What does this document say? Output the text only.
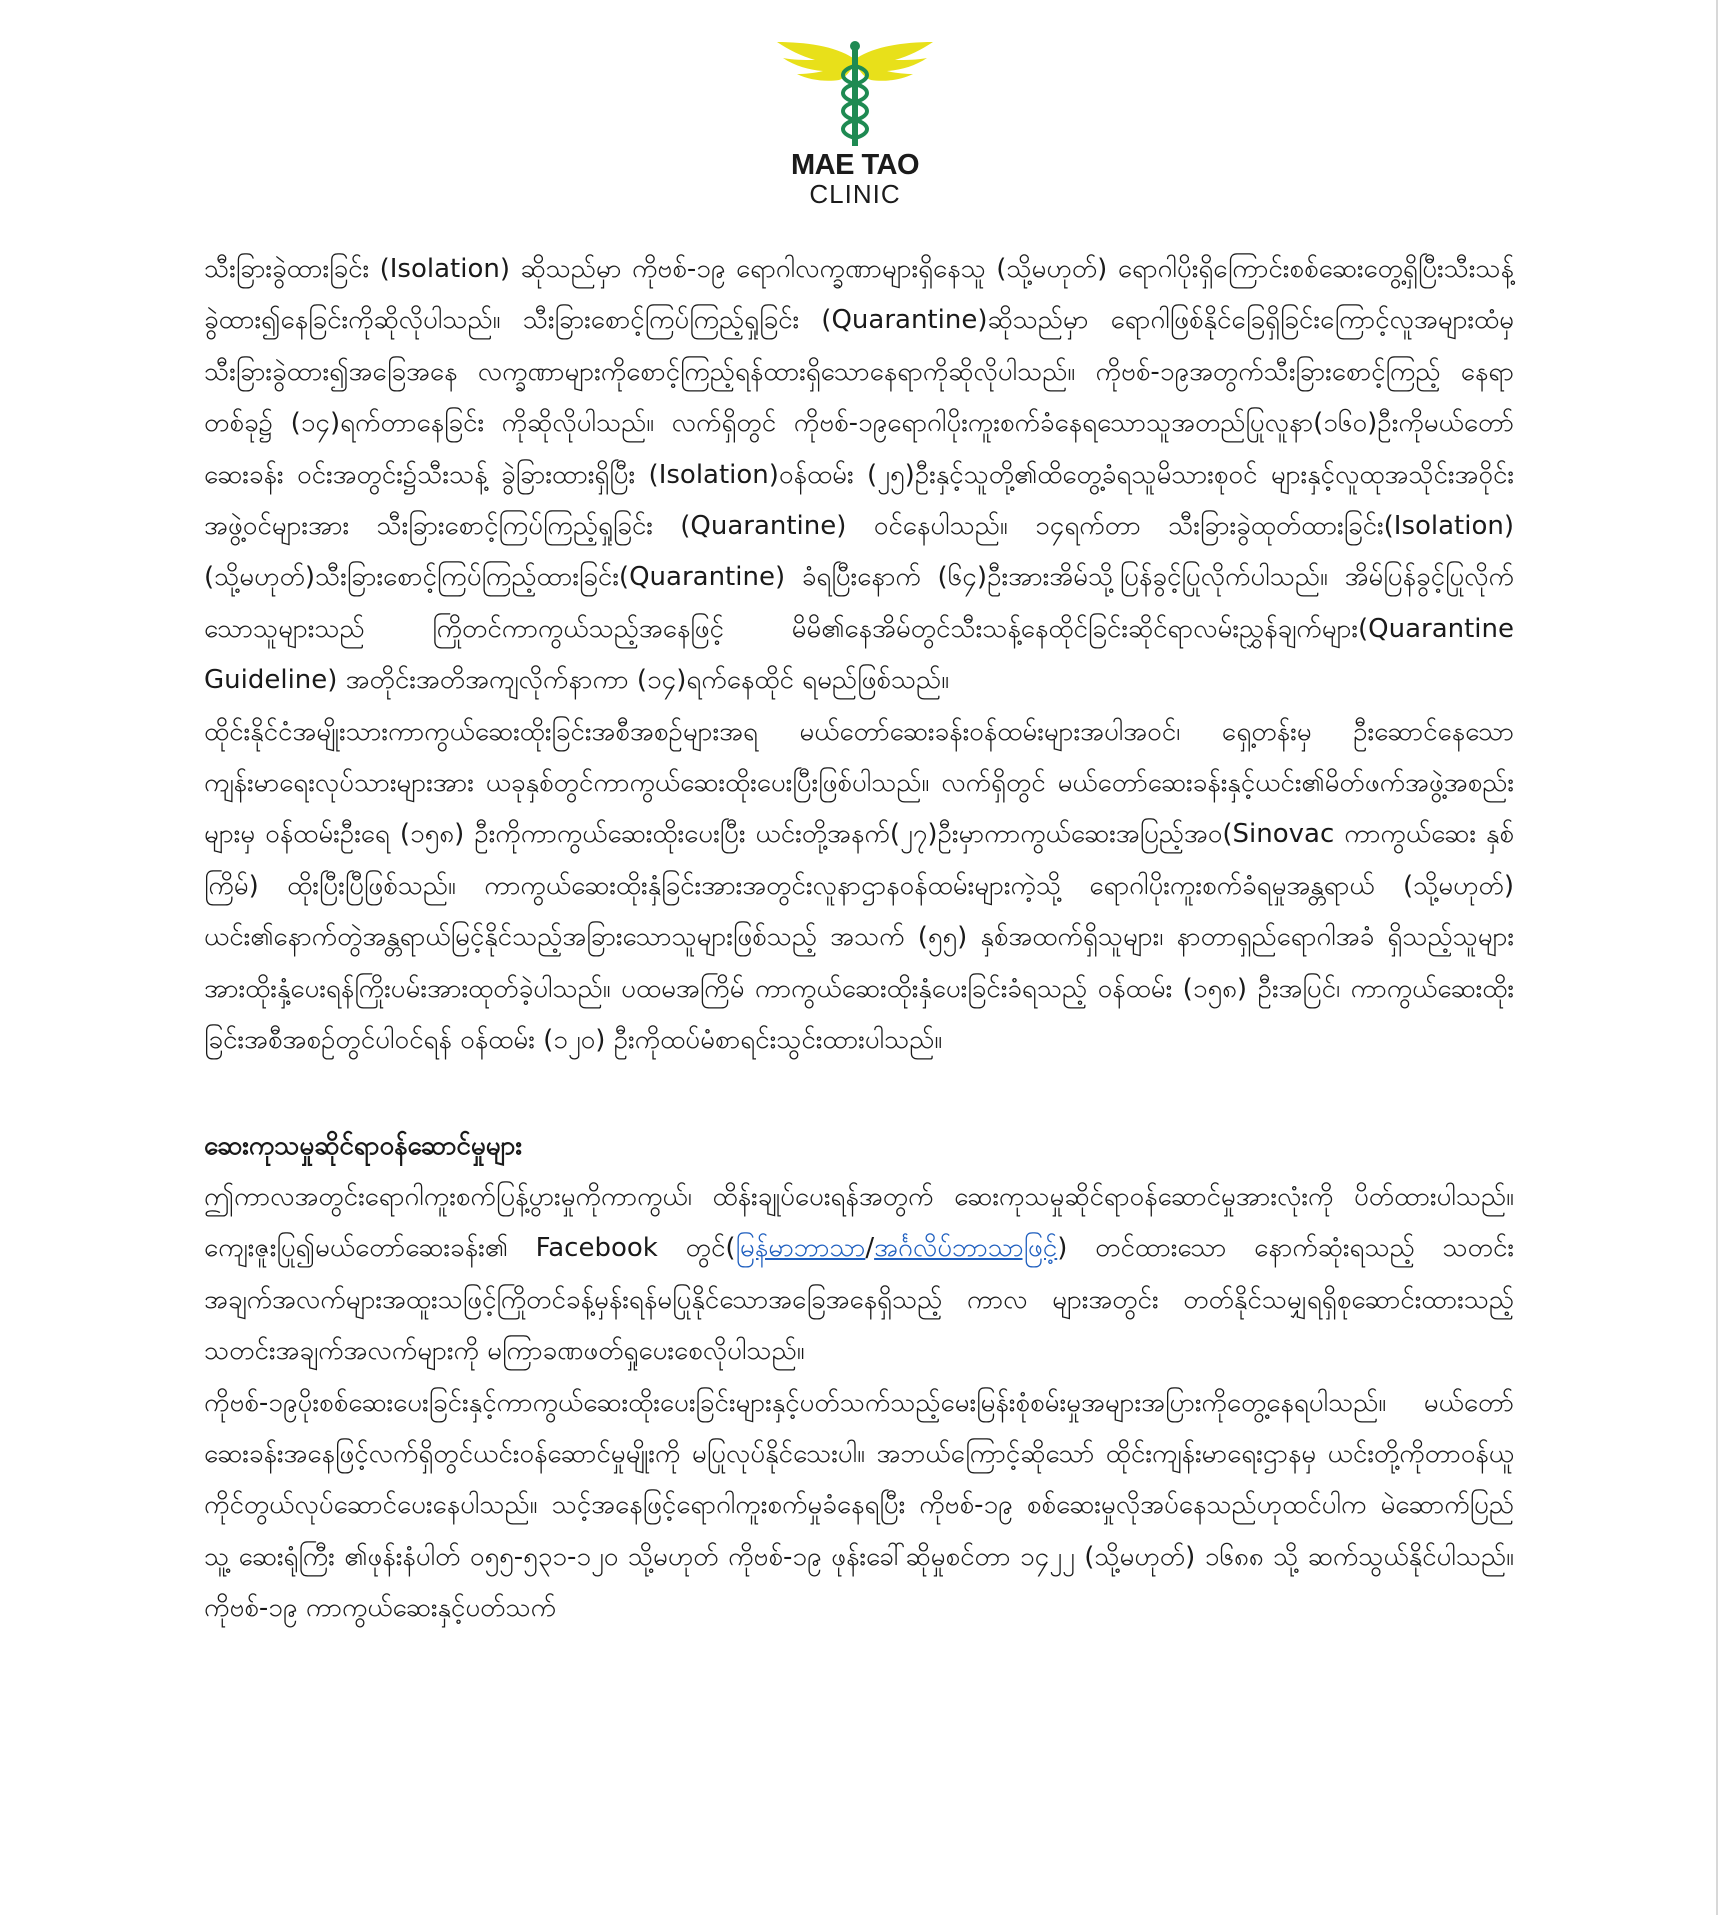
MAE TAO
CLINIC

သီးခြားခွဲထားခြင်း (Isolation) ဆိုသည်မှာ ကိုဗစ်-၁၉ ရောဂါလက္ခဏာများရှိနေသူ (သို့မဟုတ်) ရောဂါပိုးရှိကြောင်းစစ်ဆေးတွေ့ရှိပြီးသီးသန့်ခွဲထား၍နေခြင်းကိုဆိုလိုပါသည်။ သီးခြားစောင့်ကြပ်ကြည့်ရှုခြင်း (Quarantine)ဆိုသည်မှာ ရောဂါဖြစ်နိုင်ခြေရှိခြင်းကြောင့်လူအများထံမှသီးခြားခွဲထား၍အခြေအနေ လက္ခဏာများကိုစောင့်ကြည့်ရန်ထားရှိသောနေရာကိုဆိုလိုပါသည်။ ကိုဗစ်-၁၉အတွက်သီးခြားစောင့်ကြည့် နေရာတစ်ခု၌ (၁၄)ရက်တာနေခြင်း ကိုဆိုလိုပါသည်။ လက်ရှိတွင် ကိုဗစ်-၁၉ရောဂါပိုးကူးစက်ခံနေရသောသူအတည်ပြုလူနာ(၁၆၀)ဦးကိုမယ်တော်ဆေးခန်း ဝင်းအတွင်း၌သီးသန့် ခွဲခြားထားရှိပြီး (Isolation)ဝန်ထမ်း (၂၅)ဦးနှင့်သူတို့၏ထိတွေ့ခံရသူမိသားစုဝင် များနှင့်လူထုအသိုင်းအဝိုင်းအဖွဲ့ဝင်များအား သီးခြားစောင့်ကြပ်ကြည့်ရှုခြင်း (Quarantine) ဝင်နေပါသည်။ ၁၄ရက်တာ သီးခြားခွဲထုတ်ထားခြင်း(Isolation) (သို့မဟုတ်)သီးခြားစောင့်ကြပ်ကြည့်ထားခြင်း(Quarantine) ခံရပြီးနောက် (၆၄)ဦးအားအိမ်သို့ပြန်ခွင့်ပြုလိုက်ပါသည်။ အိမ်ပြန်ခွင့်ပြုလိုက်သောသူများသည် ကြိုတင်ကာကွယ်သည့်အနေဖြင့် မိမိ၏နေအိမ်တွင်သီးသန့်နေထိုင်ခြင်းဆိုင်ရာလမ်းညွှန်ချက်များ(Quarantine Guideline) အတိုင်းအတိအကျလိုက်နာကာ (၁၄)ရက်နေထိုင် ရမည်ဖြစ်သည်။

ထိုင်းနိုင်ငံအမျိုးသားကာကွယ်ဆေးထိုးခြင်းအစီအစဉ်များအရ မယ်တော်ဆေးခန်းဝန်ထမ်းများအပါအဝင်၊ ရှေ့တန်းမှ ဦးဆောင်နေသောကျန်းမာရေးလုပ်သားများအား ယခုနှစ်တွင်ကာကွယ်ဆေးထိုးပေးပြီးဖြစ်ပါသည်။ လက်ရှိတွင် မယ်တော်ဆေးခန်းနှင့်ယင်း၏မိတ်ဖက်အဖွဲ့အစည်းများမှ ဝန်ထမ်းဦးရေ (၁၅၈) ဦးကိုကာကွယ်ဆေးထိုးပေးပြီး ယင်းတို့အနက်(၂၇)ဦးမှာကာကွယ်ဆေးအပြည့်အဝ(Sinovac ကာကွယ်ဆေး နှစ်ကြိမ်) ထိုးပြီးပြီဖြစ်သည်။ ကာကွယ်ဆေးထိုးနှံခြင်းအားအတွင်းလူနာဌာနဝန်ထမ်းများကဲ့သို့ ရောဂါပိုးကူးစက်ခံရမှုအန္တရာယ် (သို့မဟုတ်) ယင်း၏နောက်တွဲအန္တရာယ်မြင့်နိုင်သည့်အခြားသောသူများဖြစ်သည့် အသက် (၅၅) နှစ်အထက်ရှိသူများ၊ နာတာရှည်ရောဂါအခံ ရှိသည့်သူများအားထိုးနှံ့ပေးရန်ကြိုးပမ်းအားထုတ်ခဲ့ပါသည်။ ပထမအကြိမ် ကာကွယ်ဆေးထိုးနှံပေးခြင်းခံရသည့် ဝန်ထမ်း (၁၅၈) ဦးအပြင်၊ ကာကွယ်ဆေးထိုးခြင်းအစီအစဉ်တွင်ပါဝင်ရန် ဝန်ထမ်း (၁၂၀) ဦးကိုထပ်မံစာရင်းသွင်းထားပါသည်။

ဆေးကုသမှုဆိုင်ရာဝန်ဆောင်မှုများ

ဤကာလအတွင်းရောဂါကူးစက်ပြန့်ပွားမှုကိုကာကွယ်၊ ထိန်းချုပ်ပေးရန်အတွက် ဆေးကုသမှုဆိုင်ရာဝန်ဆောင်မှုအားလုံးကို ပိတ်ထားပါသည်။ ကျေးဇူးပြု၍မယ်တော်ဆေးခန်း၏ Facebook တွင်(မြန်မာဘာသာ/အင်္ဂလိပ်ဘာသာဖြင့်) တင်ထားသော နောက်ဆုံးရသည့် သတင်းအချက်အလက်များအထူးသဖြင့်ကြိုတင်ခန့်မှန်းရန်မပြုနိုင်သောအခြေအနေရှိသည့် ကာလ များအတွင်း တတ်နိုင်သမျှရရှိစုဆောင်းထားသည့်သတင်းအချက်အလက်များကို မကြာခဏဖတ်ရှုပေးစေလိုပါသည်။

ကိုဗစ်-၁၉ပိုးစစ်ဆေးပေးခြင်းနှင့်ကာကွယ်ဆေးထိုးပေးခြင်းများနှင့်ပတ်သက်သည့်မေးမြန်းစုံစမ်းမှုအများအပြားကိုတွေ့နေရပါသည်။ မယ်တော်ဆေးခန်းအနေဖြင့်လက်ရှိတွင်ယင်းဝန်ဆောင်မှုမျိုးကို မပြုလုပ်နိုင်သေးပါ။ အဘယ်ကြောင့်ဆိုသော် ထိုင်းကျန်းမာရေးဌာနမှ ယင်းတို့ကိုတာဝန်ယူကိုင်တွယ်လုပ်ဆောင်ပေးနေပါသည်။ သင့်အနေဖြင့်ရောဂါကူးစက်မှုခံနေရပြီး ကိုဗစ်-၁၉ စစ်ဆေးမှုလိုအပ်နေသည်ဟုထင်ပါက မဲဆောက်ပြည်သူ့ ဆေးရုံကြီး ၏ဖုန်းနံပါတ် ၀၅၅-၅၃၁-၁၂၀ သို့မဟုတ် ကိုဗစ်-၁၉ ဖုန်းခေါ်ဆိုမှုစင်တာ ၁၄၂၂ (သို့မဟုတ်) ၁၆၈၈ သို့ ဆက်သွယ်နိုင်ပါသည်။ကိုဗစ်-၁၉ ကာကွယ်ဆေးနှင့်ပတ်သက်
